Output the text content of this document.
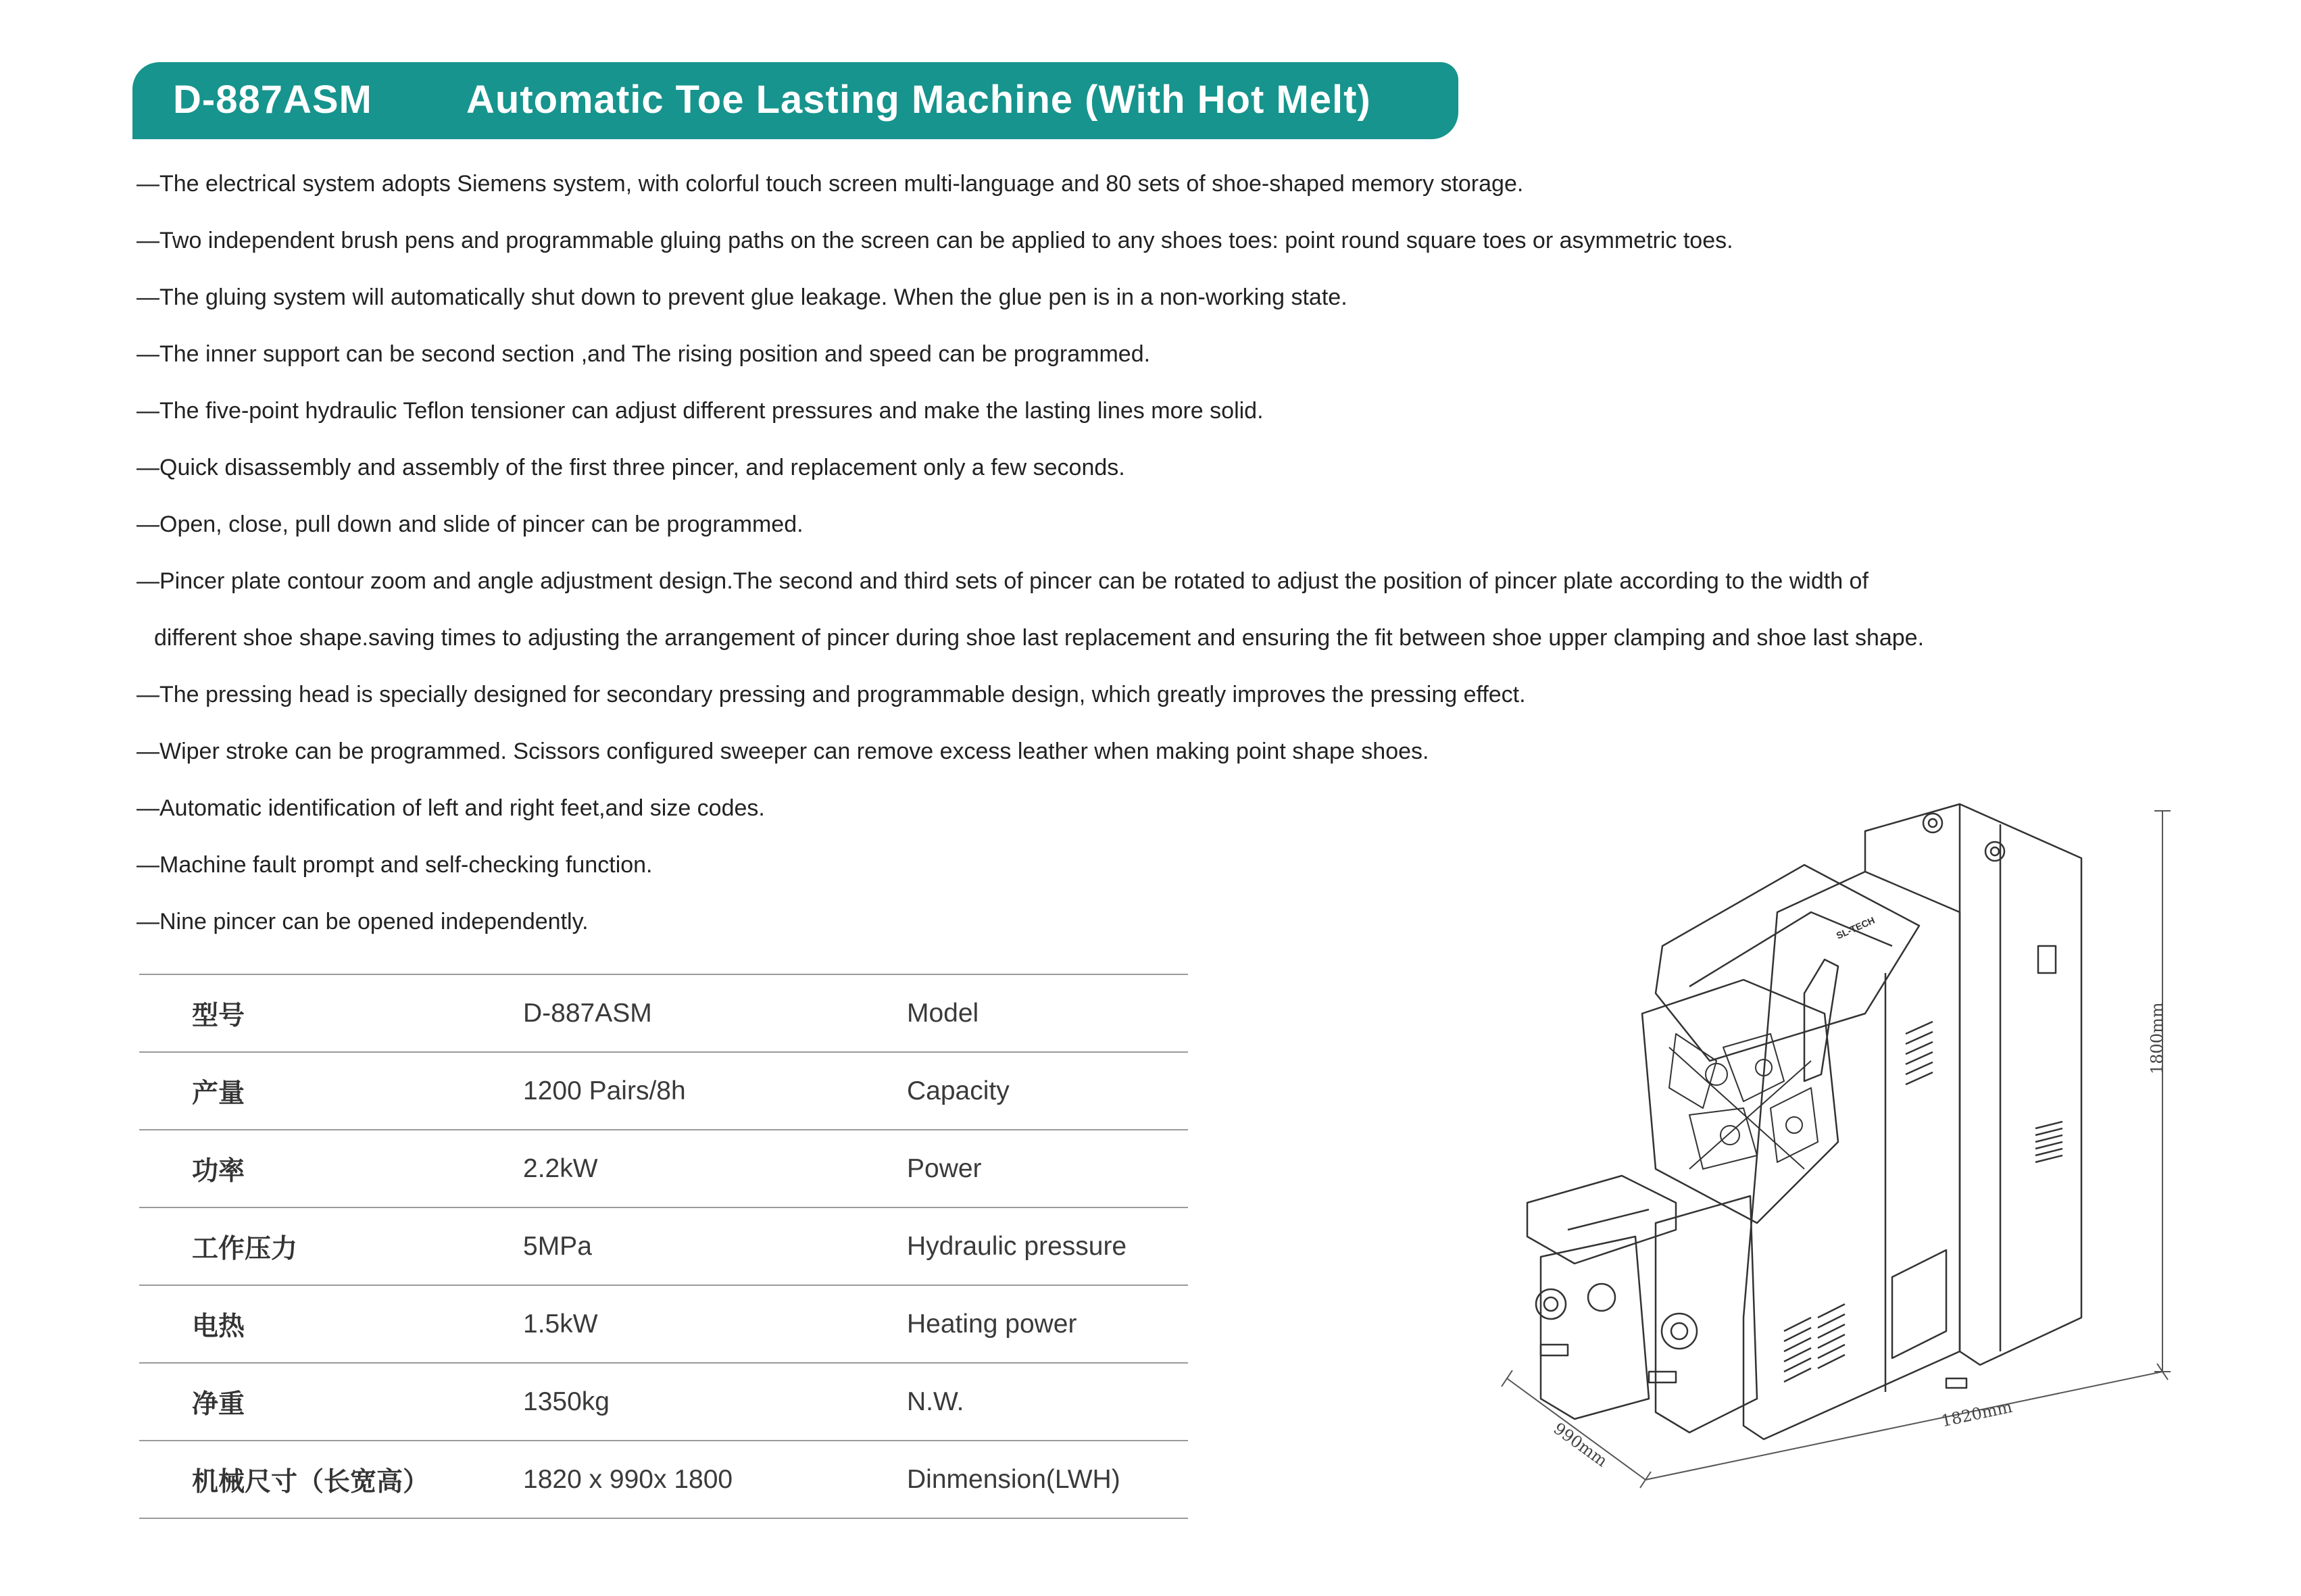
D-887ASM Automatic Toe Lasting Machine (With Hot Melt)
—The electrical system adopts Siemens system, with colorful touch screen multi-language and 80 sets of shoe-shaped memory storage.
—Two independent brush pens and programmable gluing paths on the screen can be applied to any shoes toes: point round square toes or asymmetric toes.
—The gluing system will automatically shut down to prevent glue leakage. When the glue pen is in a non-working state.
—The inner support can be second section ,and The rising position and speed can be programmed.
—The five-point hydraulic Teflon tensioner can adjust different pressures and make the lasting lines more solid.
—Quick disassembly and assembly of the first three pincer, and replacement only a few seconds.
—Open, close, pull down and slide of pincer can be programmed.
—Pincer plate contour zoom and angle adjustment design.The second and third sets of pincer can be rotated to adjust the position of pincer plate according to the width of
different shoe shape.saving times to adjusting the arrangement of pincer during shoe last replacement and ensuring the fit between shoe upper clamping and shoe last shape.
—The pressing head is specially designed for secondary pressing and programmable design, which greatly improves the pressing effect.
—Wiper stroke can be programmed. Scissors configured sweeper can remove excess leather when making point shape shoes.
—Automatic identification of left and right feet,and size codes.
—Machine fault prompt and self-checking function.
—Nine pincer can be opened independently.
型号	D-887ASM	Model
产量	1200 Pairs/8h	Capacity
功率	2.2kW	Power
工作压力	5MPa	Hydraulic pressure
电热	1.5kW	Heating power
净重	1350kg	N.W.
机械尺寸（长宽高）	1820 x 990x 1800	Dinmension(LWH)
SL-TECH
1800mm
990mm
1820mm
